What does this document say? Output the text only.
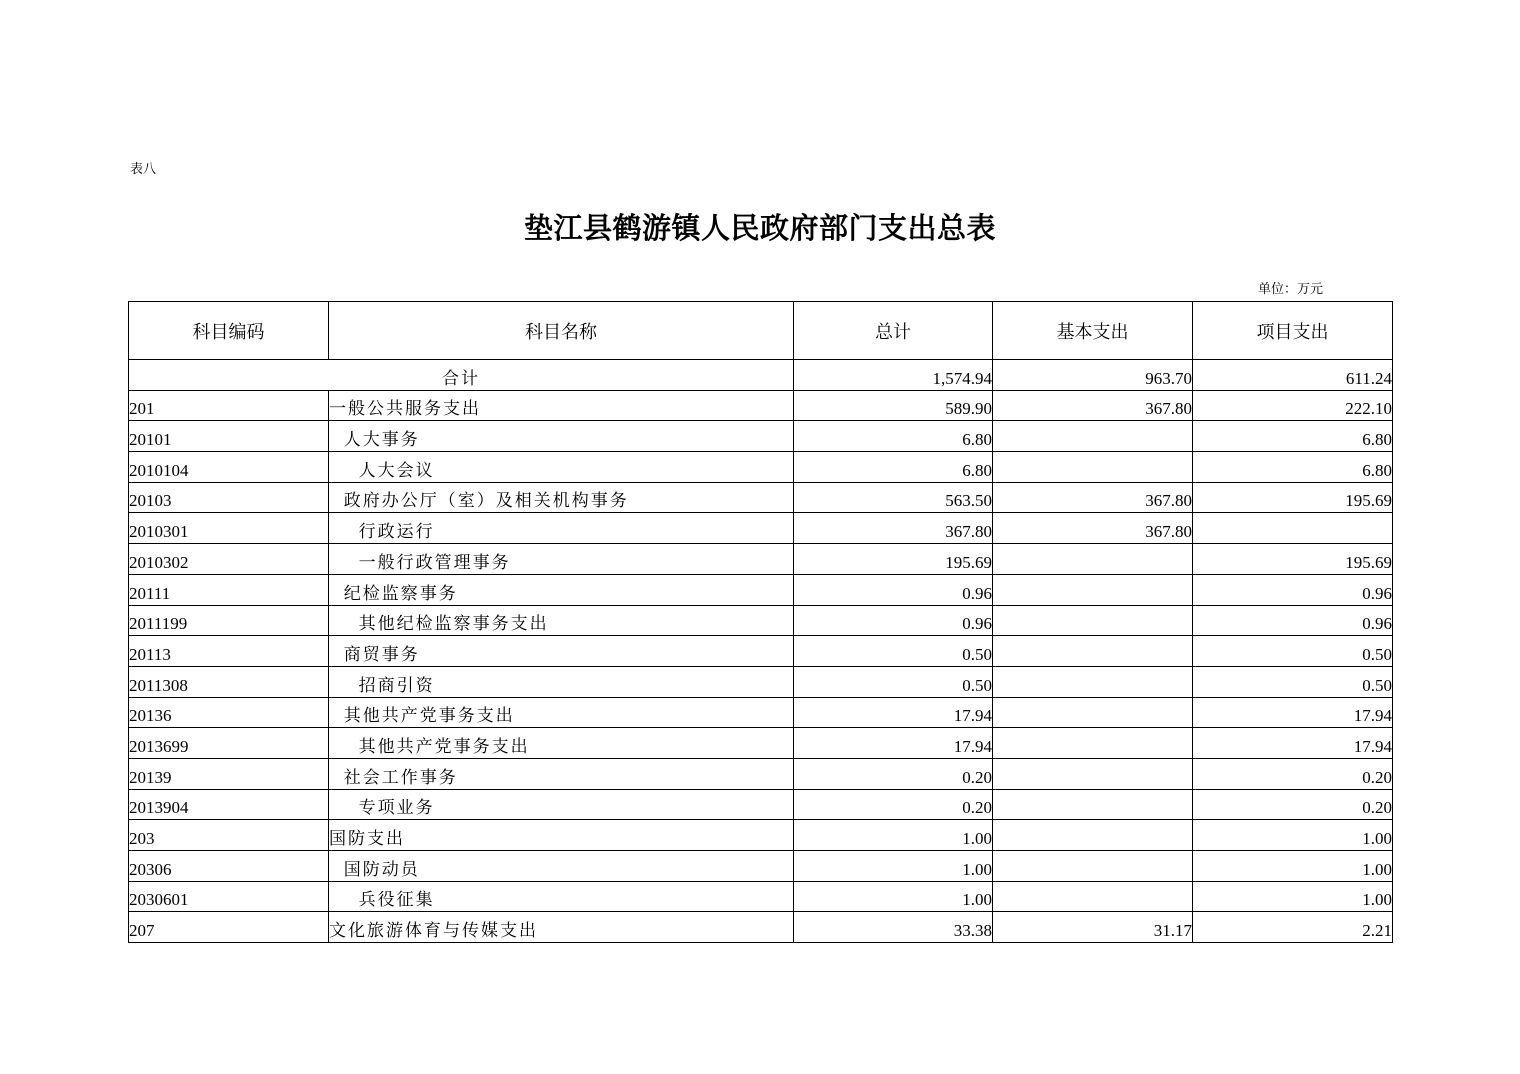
表八
垫江县鹤游镇人民政府部门支出总表
单位：万元
科目编码	科目名称	总计	基本支出	项目支出
合计		1,574.94	963.70	611.24
201	一般公共服务支出	589.90	367.80	222.10
20101	人大事务	6.80		6.80
2010104	人大会议	6.80		6.80
20103	政府办公厅（室）及相关机构事务	563.50	367.80	195.69
2010301	行政运行	367.80	367.80	
2010302	一般行政管理事务	195.69		195.69
20111	纪检监察事务	0.96		0.96
2011199	其他纪检监察事务支出	0.96		0.96
20113	商贸事务	0.50		0.50
2011308	招商引资	0.50		0.50
20136	其他共产党事务支出	17.94		17.94
2013699	其他共产党事务支出	17.94		17.94
20139	社会工作事务	0.20		0.20
2013904	专项业务	0.20		0.20
203	国防支出	1.00		1.00
20306	国防动员	1.00		1.00
2030601	兵役征集	1.00		1.00
207	文化旅游体育与传媒支出	33.38	31.17	2.21
